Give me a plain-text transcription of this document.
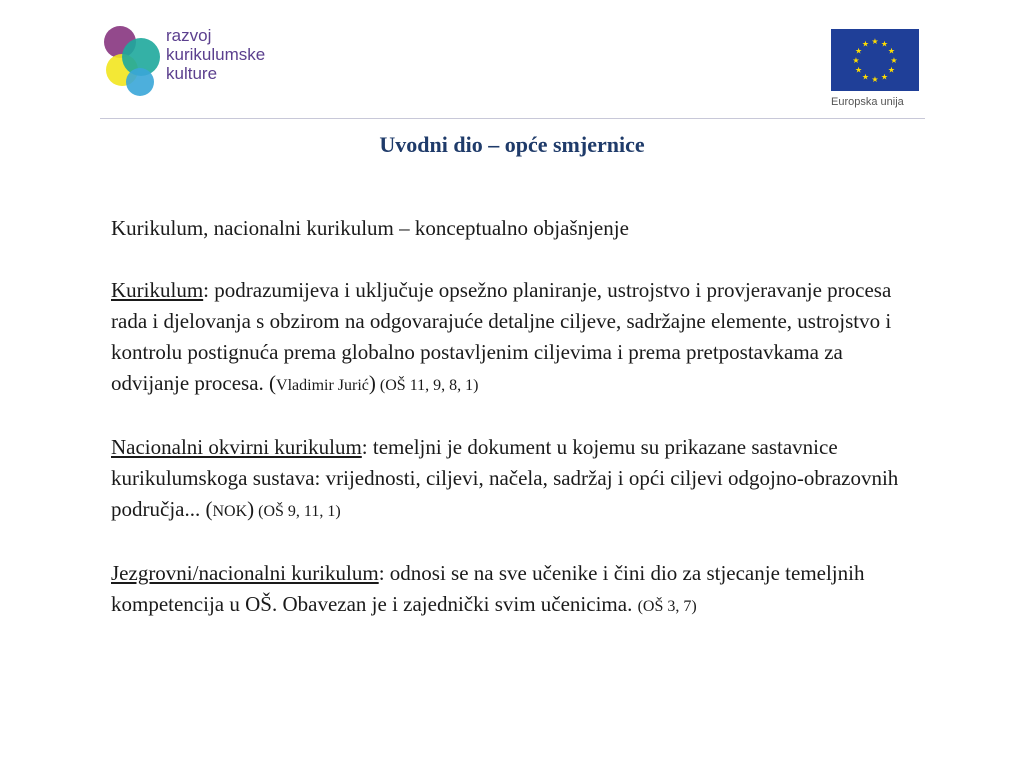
razvoj
kurikulumske
kulture
★ ★
★
★
★
★
★
★
★
★
★
★
Europska unija
Uvodni dio – opće smjernice

Kurikulum, nacionalni kurikulum – konceptualno objašnjenje

Kurikulum: podrazumijeva i uključuje opsežno planiranje, ustrojstvo i provjeravanje procesa rada i djelovanja s obzirom na odgovarajuće detaljne ciljeve, sadržajne elemente, ustrojstvo i kontrolu postignuća prema globalno postavljenim ciljevima i prema pretpostavkama za odvijanje procesa. (Vladimir Jurić) (OŠ 11, 9, 8, 1)

Nacionalni okvirni kurikulum: temeljni je dokument u kojemu su prikazane sastavnice kurikulumskoga sustava: vrijednosti, ciljevi, načela, sadržaj i opći ciljevi odgojno-obrazovnih područja... (NOK) (OŠ 9, 11, 1)

Jezgrovni/nacionalni kurikulum: odnosi se na sve učenike i čini dio za stjecanje temeljnih kompetencija u OŠ. Obavezan je i zajednički svim učenicima. (OŠ 3, 7)
